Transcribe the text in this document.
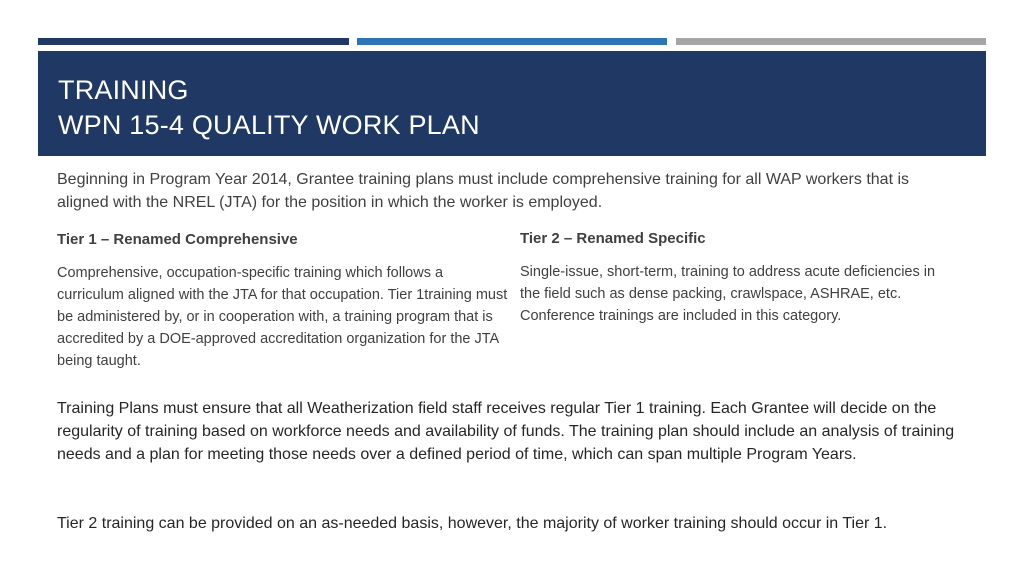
TRAINING
WPN 15-4 QUALITY WORK PLAN
Beginning in Program Year 2014, Grantee training plans must include comprehensive training for all WAP workers that is aligned with the NREL (JTA) for the position in which the worker is employed.
Tier 1 – Renamed Comprehensive
Comprehensive, occupation-specific training which follows a curriculum aligned with the JTA for that occupation. Tier 1training must be administered by, or in cooperation with, a training program that is accredited by a DOE-approved accreditation organization for the JTA being taught.
Tier 2 – Renamed Specific
Single-issue, short-term, training to address acute deficiencies in the field such as dense packing, crawlspace, ASHRAE, etc. Conference trainings are included in this category.
Training Plans must ensure that all Weatherization field staff receives regular Tier 1 training. Each Grantee will decide on the regularity of training based on workforce needs and availability of funds. The training plan should include an analysis of training needs and a plan for meeting those needs over a defined period of time, which can span multiple Program Years.
Tier 2 training can be provided on an as-needed basis, however, the majority of worker training should occur in Tier 1.
